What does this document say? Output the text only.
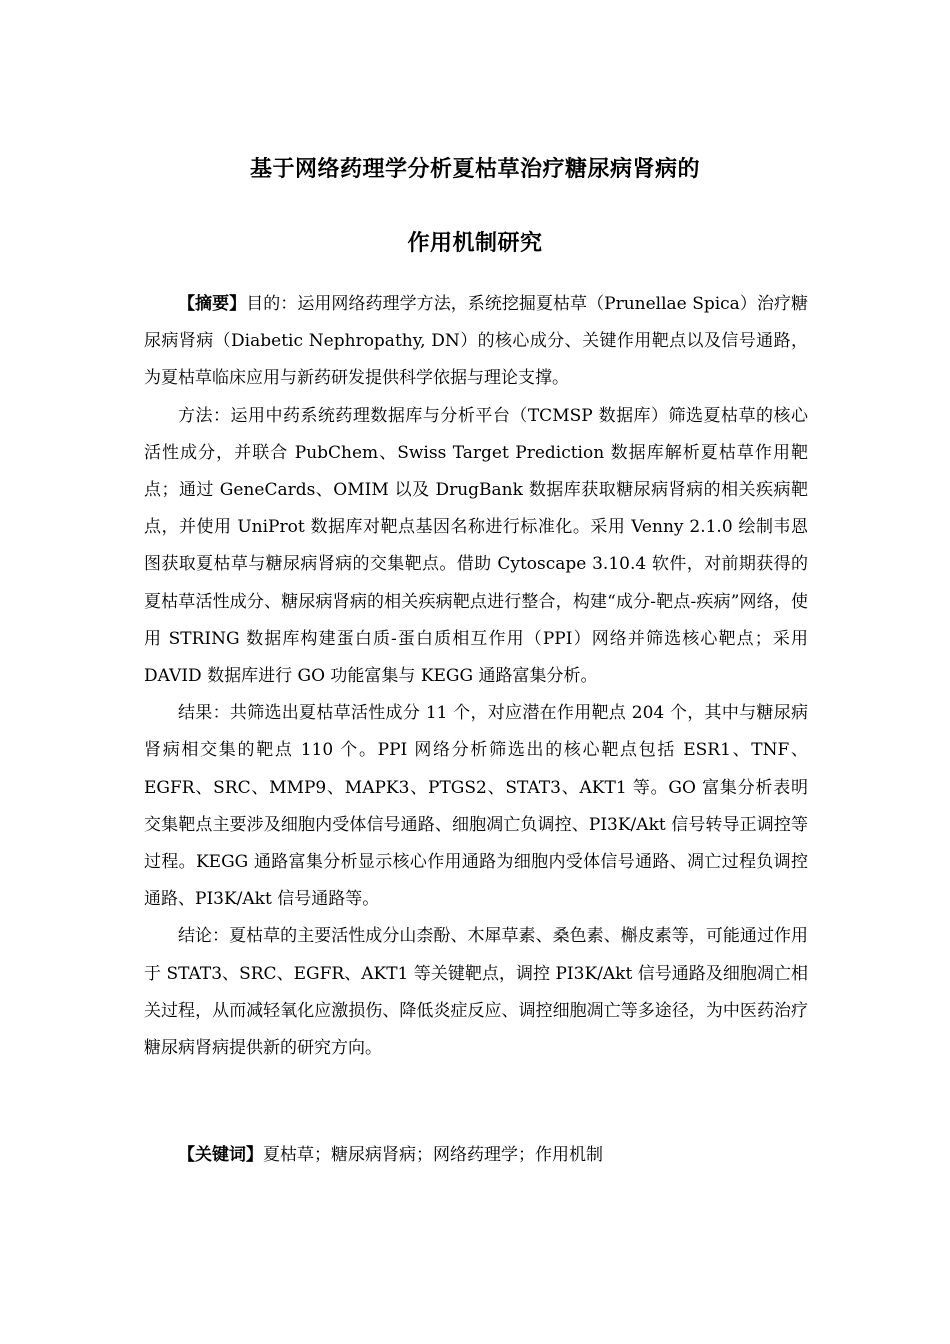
基于网络药理学分析夏枯草治疗糖尿病肾病的
作用机制研究

【摘要】目的：运用网络药理学方法，系统挖掘夏枯草（Prunellae Spica）治疗糖尿病肾病（Diabetic Nephropathy, DN）的核心成分、关键作用靶点以及信号通路，为夏枯草临床应用与新药研发提供科学依据与理论支撑。

方法：运用中药系统药理数据库与分析平台（TCMSP 数据库）筛选夏枯草的核心活性成分，并联合 PubChem、Swiss Target Prediction 数据库解析夏枯草作用靶点；通过 GeneCards、OMIM 以及 DrugBank 数据库获取糖尿病肾病的相关疾病靶点，并使用 UniProt 数据库对靶点基因名称进行标准化。采用 Venny 2.1.0 绘制韦恩图获取夏枯草与糖尿病肾病的交集靶点。借助 Cytoscape 3.10.4 软件，对前期获得的夏枯草活性成分、糖尿病肾病的相关疾病靶点进行整合，构建“成分-靶点-疾病”网络，使用 STRING 数据库构建蛋白质-蛋白质相互作用（PPI）网络并筛选核心靶点；采用 DAVID 数据库进行 GO 功能富集与 KEGG 通路富集分析。

结果：共筛选出夏枯草活性成分 11 个，对应潜在作用靶点 204 个，其中与糖尿病肾病相交集的靶点 110 个。PPI 网络分析筛选出的核心靶点包括 ESR1、TNF、EGFR、SRC、MMP9、MAPK3、PTGS2、STAT3、AKT1 等。GO 富集分析表明交集靶点主要涉及细胞内受体信号通路、细胞凋亡负调控、PI3K/Akt 信号转导正调控等过程。KEGG 通路富集分析显示核心作用通路为细胞内受体信号通路、凋亡过程负调控通路、PI3K/Akt 信号通路等。

结论：夏枯草的主要活性成分山柰酚、木犀草素、桑色素、槲皮素等，可能通过作用于 STAT3、SRC、EGFR、AKT1 等关键靶点，调控 PI3K/Akt 信号通路及细胞凋亡相关过程，从而减轻氧化应激损伤、降低炎症反应、调控细胞凋亡等多途径，为中医药治疗糖尿病肾病提供新的研究方向。

【关键词】夏枯草；糖尿病肾病；网络药理学；作用机制
